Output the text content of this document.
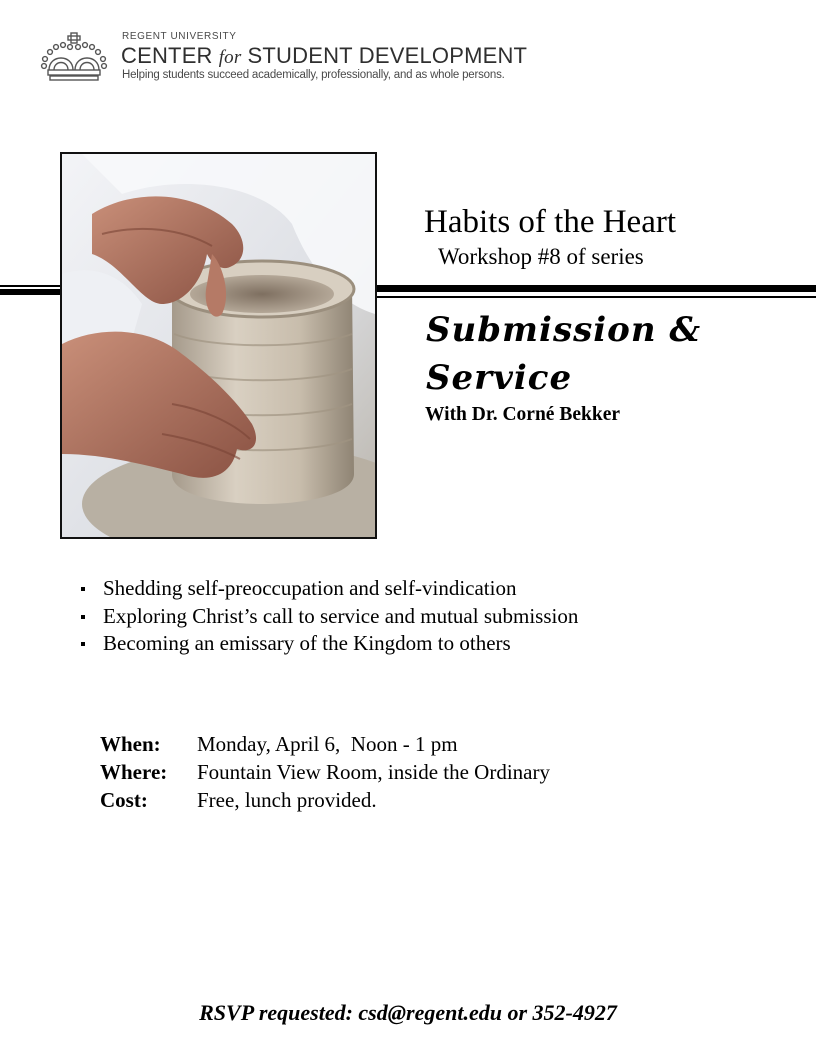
REGENT UNIVERSITY
CENTER for STUDENT DEVELOPMENT
Helping students succeed academically, professionally, and as whole persons.
Habits of the Heart
Workshop #8 of series
Submission &
Service
With Dr. Corné Bekker
Shedding self-preoccupation and self-vindication
Exploring Christ’s call to service and mutual submission
Becoming an emissary of the Kingdom to others
When:	Monday, April 6,  Noon - 1 pm
Where:	Fountain View Room, inside the Ordinary
Cost:	Free, lunch provided.
RSVP requested: csd@regent.edu or 352-4927
